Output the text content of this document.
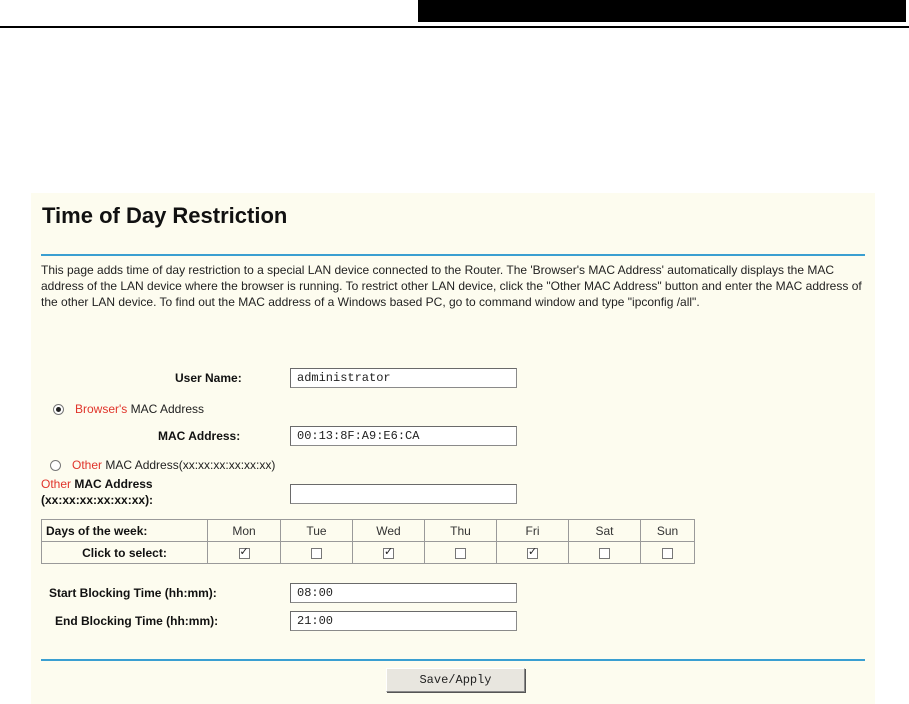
Time of Day Restriction
This page adds time of day restriction to a special LAN device connected to the Router. The 'Browser's MAC Address' automatically displays the MAC address of the LAN device where the browser is running. To restrict other LAN device, click the "Other MAC Address" button and enter the MAC address of the other LAN device. To find out the MAC address of a Windows based PC, go to command window and type "ipconfig /all".
User Name:	administrator
Browser's MAC Address
MAC Address:	00:13:8F:A9:E6:CA
Other MAC Address(xx:xx:xx:xx:xx:xx)
Other MAC Address
(xx:xx:xx:xx:xx:xx):
Days of the week:	Mon	Tue	Wed	Thu	Fri	Sat	Sun
Click to select:	✓		✓		✓		
Start Blocking Time (hh:mm):	08:00
End Blocking Time (hh:mm):	21:00
Save/Apply
